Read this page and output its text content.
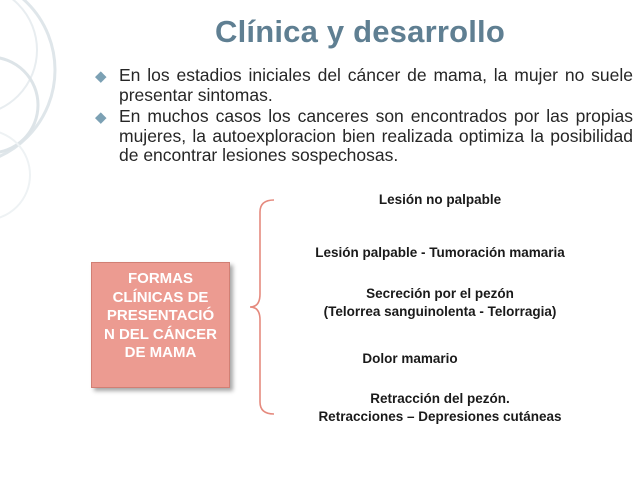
Clínica y desarrollo
◆ En los estadios iniciales del cáncer de mama, la mujer no suele presentar sintomas.
◆ En muchos casos los canceres son encontrados por las propias mujeres, la autoexploracion bien realizada optimiza la posibilidad de encontrar lesiones sospechosas.
FORMAS
CLÍNICAS DE
PRESENTACIÓ
N DEL CÁNCER
DE MAMA
Lesión no palpable
Lesión palpable - Tumoración mamaria
Secreción por el pezón
(Telorrea sanguinolenta - Telorragia)
Dolor mamario
Retracción del pezón.
Retracciones – Depresiones cutáneas
